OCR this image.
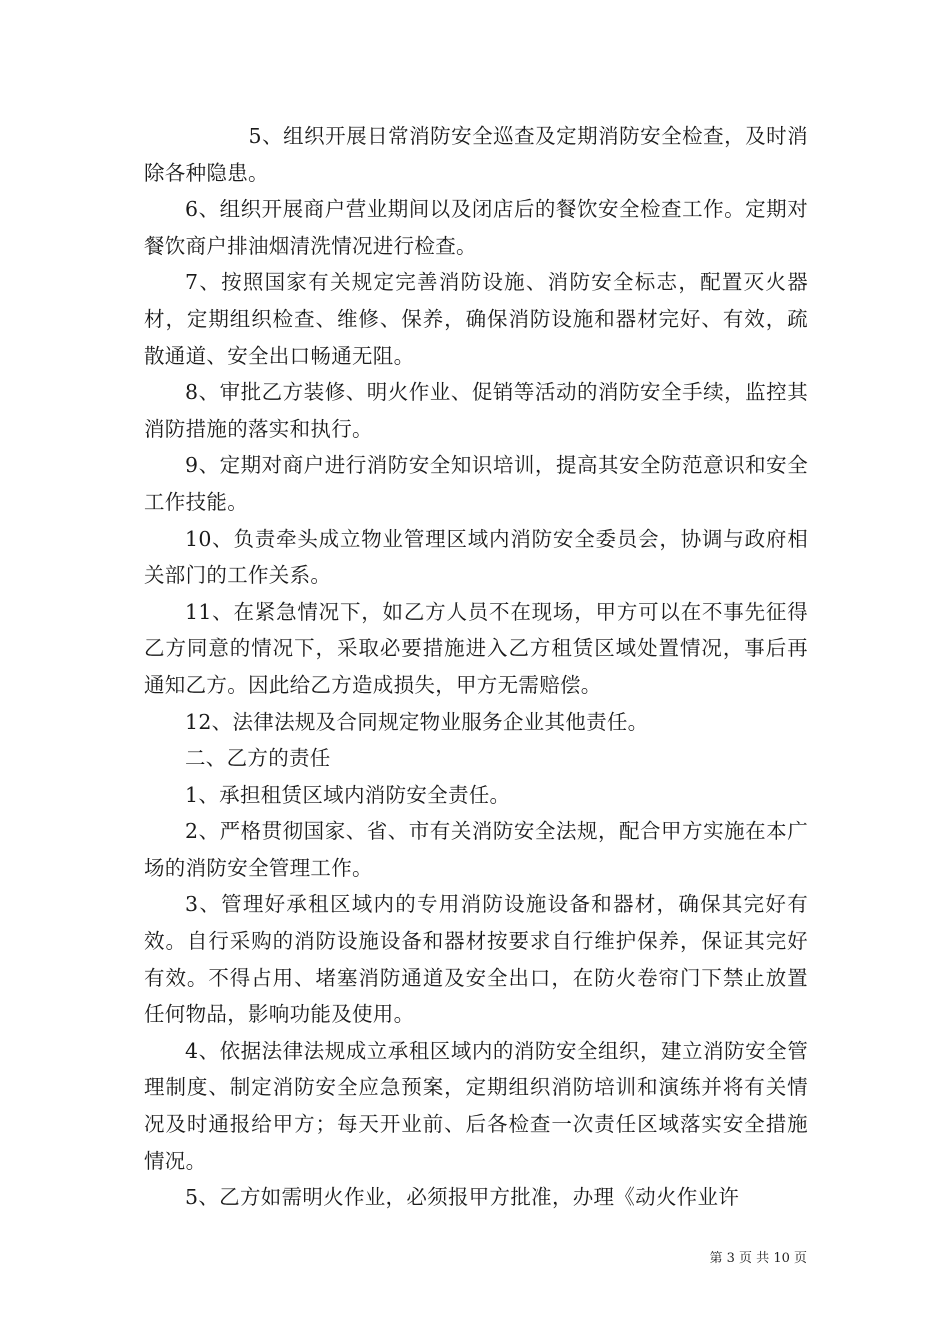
5、组织开展日常消防安全巡查及定期消防安全检查，及时消除各种隐患。

6、组织开展商户营业期间以及闭店后的餐饮安全检查工作。定期对餐饮商户排油烟清洗情况进行检查。

7、按照国家有关规定完善消防设施、消防安全标志，配置灭火器材，定期组织检查、维修、保养，确保消防设施和器材完好、有效，疏散通道、安全出口畅通无阻。

8、审批乙方装修、明火作业、促销等活动的消防安全手续，监控其消防措施的落实和执行。

9、定期对商户进行消防安全知识培训，提高其安全防范意识和安全工作技能。

10、负责牵头成立物业管理区域内消防安全委员会，协调与政府相关部门的工作关系。

11、在紧急情况下，如乙方人员不在现场，甲方可以在不事先征得乙方同意的情况下，采取必要措施进入乙方租赁区域处置情况，事后再通知乙方。因此给乙方造成损失，甲方无需赔偿。

12、法律法规及合同规定物业服务企业其他责任。

二、乙方的责任

1、承担租赁区域内消防安全责任。

2、严格贯彻国家、省、市有关消防安全法规，配合甲方实施在本广场的消防安全管理工作。

3、管理好承租区域内的专用消防设施设备和器材，确保其完好有效。自行采购的消防设施设备和器材按要求自行维护保养，保证其完好有效。不得占用、堵塞消防通道及安全出口，在防火卷帘门下禁止放置任何物品，影响功能及使用。

4、依据法律法规成立承租区域内的消防安全组织，建立消防安全管理制度、制定消防安全应急预案，定期组织消防培训和演练并将有关情况及时通报给甲方；每天开业前、后各检查一次责任区域落实安全措施情况。

5、乙方如需明火作业，必须报甲方批准，办理《动火作业许

第 3 页 共 10 页
